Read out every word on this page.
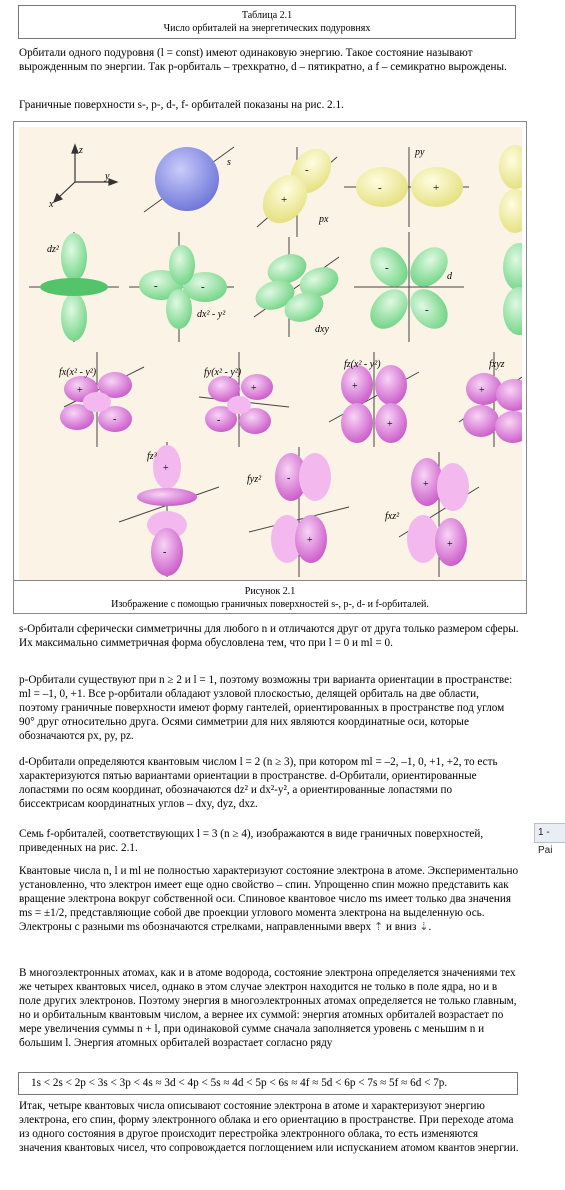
Таблица 2.1
Число орбиталей на энергетических подуровнях
Орбитали одного подуровня (l = const) имеют одинаковую энергию. Такое состояние называют вырожденным по энергии. Так p-орбиталь – трехкратно, d – пятикратно, а f – семикратно вырождены.
Граничные поверхности s-, p-, d-, f- орбиталей показаны на рис. 2.1.
z
y
x
s
-
+
px
-	+
py
dz²
-	-
dx² - y²
dxy
-
-
d
+
-
fx(x² - y²)
+
-
fy(x² - y²)
+
+
fz(x² - y²)
+
fxyz
+
-
fz³
-
+
fyz²	+
+
fxz²
Рисунок 2.1
Изображение с помощью граничных поверхностей s-, p-, d- и f-орбиталей.
s-Орбитали сферически симметричны для любого n и отличаются друг от друга только размером сферы. Их максимально симметричная форма обусловлена тем, что при l = 0 и ml = 0.
p-Орбитали существуют при n ≥ 2 и l = 1, поэтому возможны три варианта ориентации в пространстве: ml = –1, 0, +1. Все p-орбитали обладают узловой плоскостью, делящей орбиталь на две области, поэтому граничные поверхности имеют форму гантелей, ориентированных в пространстве под углом 90° друг относительно друга. Осями симметрии для них являются координатные оси, которые обозначаются px, py, pz.
d-Орбитали определяются квантовым числом l = 2 (n ≥ 3), при котором ml = –2, –1, 0, +1, +2, то есть характеризуются пятью вариантами ориентации в пространстве. d-Орбитали, ориентированные лопастями по осям координат, обозначаются dz² и dx²-y², а ориентированные лопастями по биссектрисам координатных углов – dxy, dyz, dxz.
Семь f-орбиталей, соответствующих l = 3 (n ≥ 4), изображаются в виде граничных поверхностей, приведенных на рис. 2.1.
Квантовые числа n, l и ml не полностью характеризуют состояние электрона в атоме. Экспериментально установленно, что электрон имеет еще одно свойство – спин. Упрощенно спин можно представить как вращение электрона вокруг собственной оси. Спиновое квантовое число ms имеет только два значения ms = ±1/2, представляющие собой две проекции углового момента электрона на выделенную ось. Электроны с разными ms обозначаются стрелками, направленными вверх ⇡ и вниз ⇣.
В многоэлектронных атомах, как и в атоме водорода, состояние электрона определяется значениями тех же четырех квантовых чисел, однако в этом случае электрон находится не только в поле ядра, но и в поле других электронов. Поэтому энергия в многоэлектронных атомах определяется не только главным, но и орбитальным квантовым числом, а вернее их суммой: энергия атомных орбиталей возрастает по мере увеличения суммы n + l, при одинаковой сумме сначала заполняется уровень с меньшим n и большим l. Энергия атомных орбиталей возрастает согласно ряду
1s < 2s < 2p < 3s < 3p < 4s ≈ 3d < 4p < 5s ≈ 4d < 5p < 6s ≈ 4f ≈ 5d < 6p < 7s ≈ 5f ≈ 6d < 7p.
Итак, четыре квантовых числа описывают состояние электрона в атоме и характеризуют энергию электрона, его спин, форму электронного облака и его ориентацию в пространстве. При переходе атома из одного состояния в другое происходит перестройка электронного облака, то есть изменяются значения квантовых чисел, что сопровождается поглощением или испусканием атомом квантов энергии.
1 - Pai
